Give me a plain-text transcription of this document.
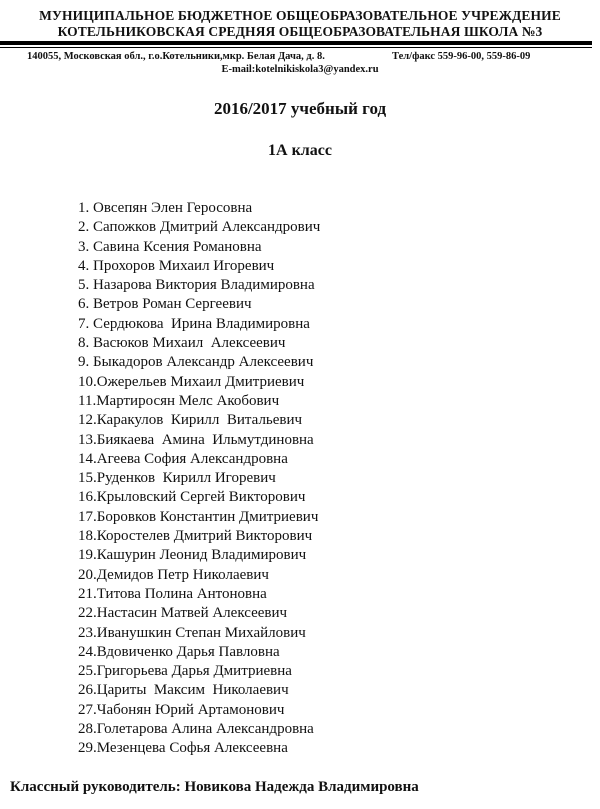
МУНИЦИПАЛЬНОЕ БЮДЖЕТНОЕ ОБЩЕОБРАЗОВАТЕЛЬНОЕ УЧРЕЖДЕНИЕ
КОТЕЛЬНИКОВСКАЯ СРЕДНЯЯ ОБЩЕОБРАЗОВАТЕЛЬНАЯ ШКОЛА №3
140055, Московская обл., г.о.Котельники,мкр. Белая Дача, д. 8.	Тел/факс 559-96-00, 559-86-09
E-mail:kotelnikiskola3@yandex.ru
2016/2017 учебный год
1А класс
1. Овсепян Элен Геросовна
2. Сапожков Дмитрий Александрович
3. Савина Ксения Романовна
4. Прохоров Михаил Игоревич
5. Назарова Виктория Владимировна
6. Ветров Роман Сергеевич
7. Сердюкова  Ирина Владимировна
8. Васюков Михаил  Алексеевич
9. Быкадоров Александр Алексеевич
10. Ожерельев Михаил Дмитриевич
11. Мартиросян Мелс Акобович
12. Каракулов  Кирилл  Витальевич
13. Биякаева  Амина  Ильмутдиновна
14. Агеева София Александровна
15. Руденков  Кирилл Игоревич
16. Крыловский Сергей Викторович
17. Боровков Константин Дмитриевич
18. Коростелев Дмитрий Викторович
19. Кашурин Леонид Владимирович
20. Демидов Петр Николаевич
21. Титова Полина Антоновна
22. Настасин Матвей Алексеевич
23. Иванушкин Степан Михайлович
24. Вдовиченко Дарья Павловна
25. Григорьева Дарья Дмитриевна
26. Цариты  Максим  Николаевич
27. Чабонян Юрий Артамонович
28. Голетарова Алина Александровна
29. Мезенцева Софья Алексеевна
Классный руководитель: Новикова Надежда Владимировна
